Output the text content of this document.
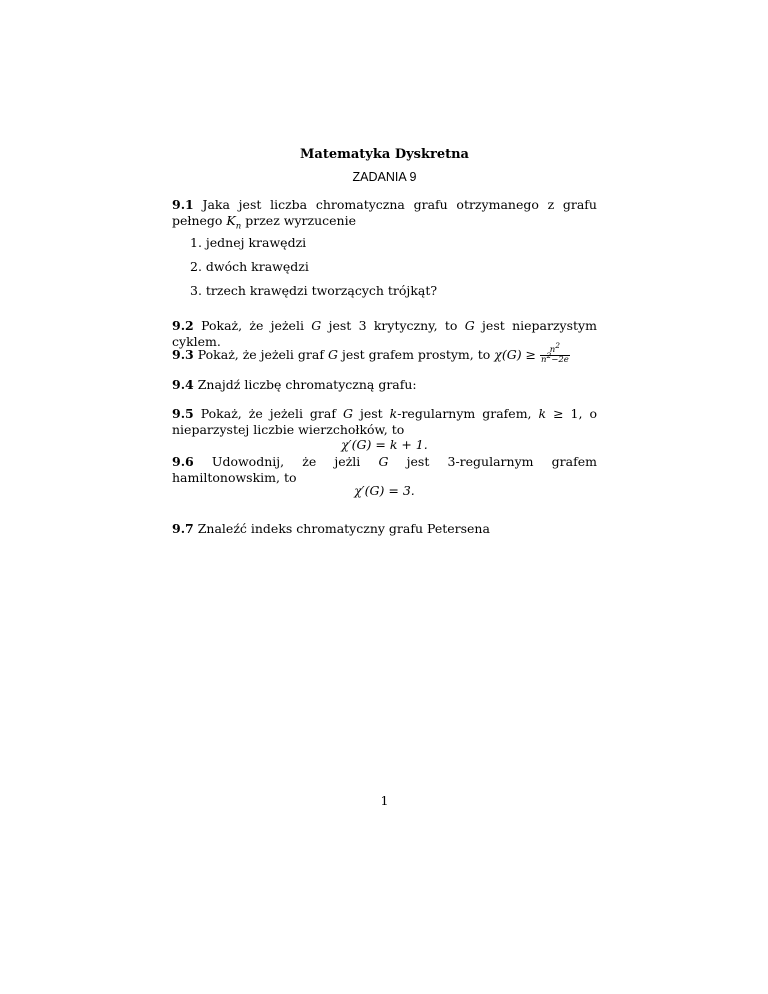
Matematyka Dyskretna
ZADANIA 9

9.1 Jaka jest liczba chromatyczna grafu otrzymanego z grafu pełnego $K_n$ przez wyrzucenie

1. jednej krawędzi
2. dwóch krawędzi
3. trzech krawędzi tworzących trójkąt?

9.2 Pokaż, że jeżeli G jest 3 krytyczny, to G jest nieparzystym cyklem.

9.3 Pokaż, że jeżeli graf G jest grafem prostym, to $\chi(G) \ge \frac{n^2}{n^2-2e}$

9.4 Znajdź liczbę chromatyczną grafu:

9.5 Pokaż, że jeżeli graf G jest k-regularnym grafem, k ≥ 1, o nieparzystej liczbie wierzchołków, to

χ′(G) = k + 1.

9.6 Udowodnij, że jeżli G jest 3-regularnym grafem hamiltonowskim, to

χ′(G) = 3.

9.7 Znaleźć indeks chromatyczny grafu Petersena

1
